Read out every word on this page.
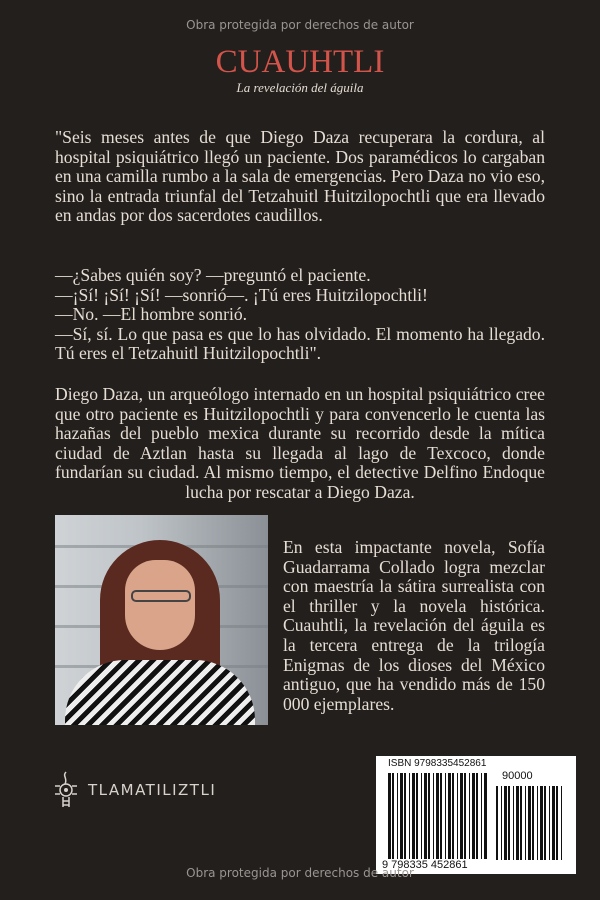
Obra protegida por derechos de autor
CUAUHTLI
La revelación del águila
"Seis meses antes de que Diego Daza recuperara la cordura, al hospital psiquiátrico llegó un paciente. Dos paramédicos lo cargaban en una camilla rumbo a la sala de emergencias. Pero Daza no vio eso, sino la entrada triunfal del Tetzahuitl Huitzilopochtli que era llevado en andas por dos sacerdotes caudillos.
—¿Sabes quién soy? —preguntó el paciente.
—¡Sí! ¡Sí! ¡Sí! —sonrió—. ¡Tú eres Huitzilopochtli!
—No. —El hombre sonrió.
—Sí, sí. Lo que pasa es que lo has olvidado. El momento ha llegado. Tú eres el Tetzahuitl Huitzilopochtli".
Diego Daza, un arqueólogo internado en un hospital psiquiátrico cree que otro paciente es Huitzilopochtli y para convencerlo le cuenta las hazañas del pueblo mexica durante su recorrido desde la mítica ciudad de Aztlan hasta su llegada al lago de Texcoco, donde fundarían su ciudad. Al mismo tiempo, el detective Delfino Endoque lucha por rescatar a Diego Daza.
En esta impactante novela, Sofía Guadarrama Collado logra mezclar con maestría la sátira surrealista con el thriller y la novela histórica. Cuauhtli, la revelación del águila es la tercera entrega de la trilogía Enigmas de los dioses del México antiguo, que ha vendido más de 150 000 ejemplares.
TLAMATILIZTLI
ISBN 9798335452861
90000
9 798335 452861
Obra protegida por derechos de autor
